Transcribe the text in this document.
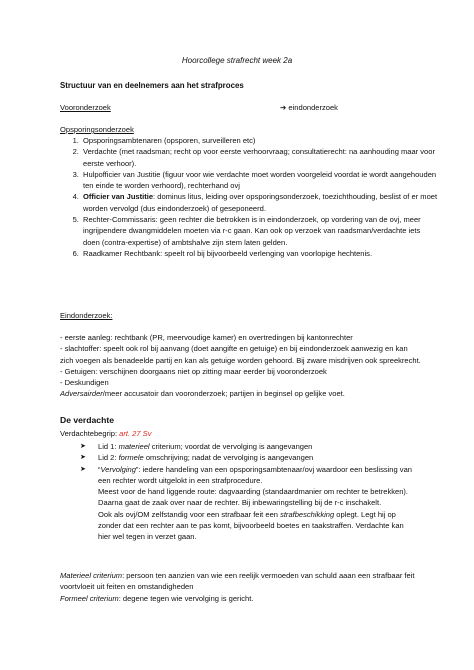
Hoorcollege strafrecht week 2a
Structuur van en deelnemers aan het strafproces
Vooronderzoek	➔ eindonderzoek
Opsporingsonderzoek
1. Opsporingsambtenaren (opsporen, surveilleren etc)
2. Verdachte (met raadsman; recht op voor eerste verhoorvraag; consultatierecht: na aanhouding maar voor eerste verhoor).
3. Hulpofficier van Justitie (figuur voor wie verdachte moet worden voorgeleid voordat ie wordt aangehouden ten einde te worden verhoord), rechterhand ovj
4. Officier van Justitie: dominus litus, leiding over opsporingsonderzoek, toezichthouding, beslist of er moet worden vervolgd (dus eindonderzoek) of geseponeerd.
5. Rechter-Commissaris: geen rechter die betrokken is in eindonderzoek, op vordering van de ovj, meer ingrijpendere dwangmiddelen moeten via r-c gaan. Kan ook op verzoek van raadsman/verdachte iets doen (contra-expertise) of ambtshalve zijn stem laten gelden.
6. Raadkamer Rechtbank: speelt rol bij bijvoorbeeld verlenging van voorlopige hechtenis.
Eindonderzoek:
- eerste aanleg: rechtbank (PR, meervoudige kamer) en overtredingen bij kantonrechter
- slachtoffer: speelt ook rol bij aanvang (doet aangifte en getuige) en bij eindonderzoek aanwezig en kan zich voegen als benadeelde partij en kan als getuige worden gehoord. Bij zware misdrijven ook spreekrecht.
- Getuigen: verschijnen doorgaans niet op zitting maar eerder bij vooronderzoek
- Deskundigen
Adversairder/meer accusatoir dan vooronderzoek; partijen in beginsel op gelijke voet.
De verdachte
Verdachtebegrip: art. 27 Sv
➤ Lid 1: materieel criterium; voordat de vervolging is aangevangen
➤ Lid 2: formele omschrijving; nadat de vervolging is aangevangen
➤ “Vervolging”: iedere handeling van een opsporingsambtenaar/ovj waardoor een beslissing van een rechter wordt uitgelokt in een strafprocedure.
Meest voor de hand liggende route: dagvaarding (standaardmanier om rechter te betrekken). Daarna gaat de zaak over naar de rechter. Bij inbewaringstelling bij de r-c inschakelt.
Ook als ovj/OM zelfstandig voor een strafbaar feit een strafbeschikking oplegt. Legt hij op zonder dat een rechter aan te pas komt, bijvoorbeeld boetes en taakstraffen. Verdachte kan hier wel tegen in verzet gaan.
Materieel criterium: persoon ten aanzien van wie een reelijk vermoeden van schuld aaan een strafbaar feit voortvloeit uit feiten en omstandigheden
Formeel criterium: degene tegen wie vervolging is gericht.
